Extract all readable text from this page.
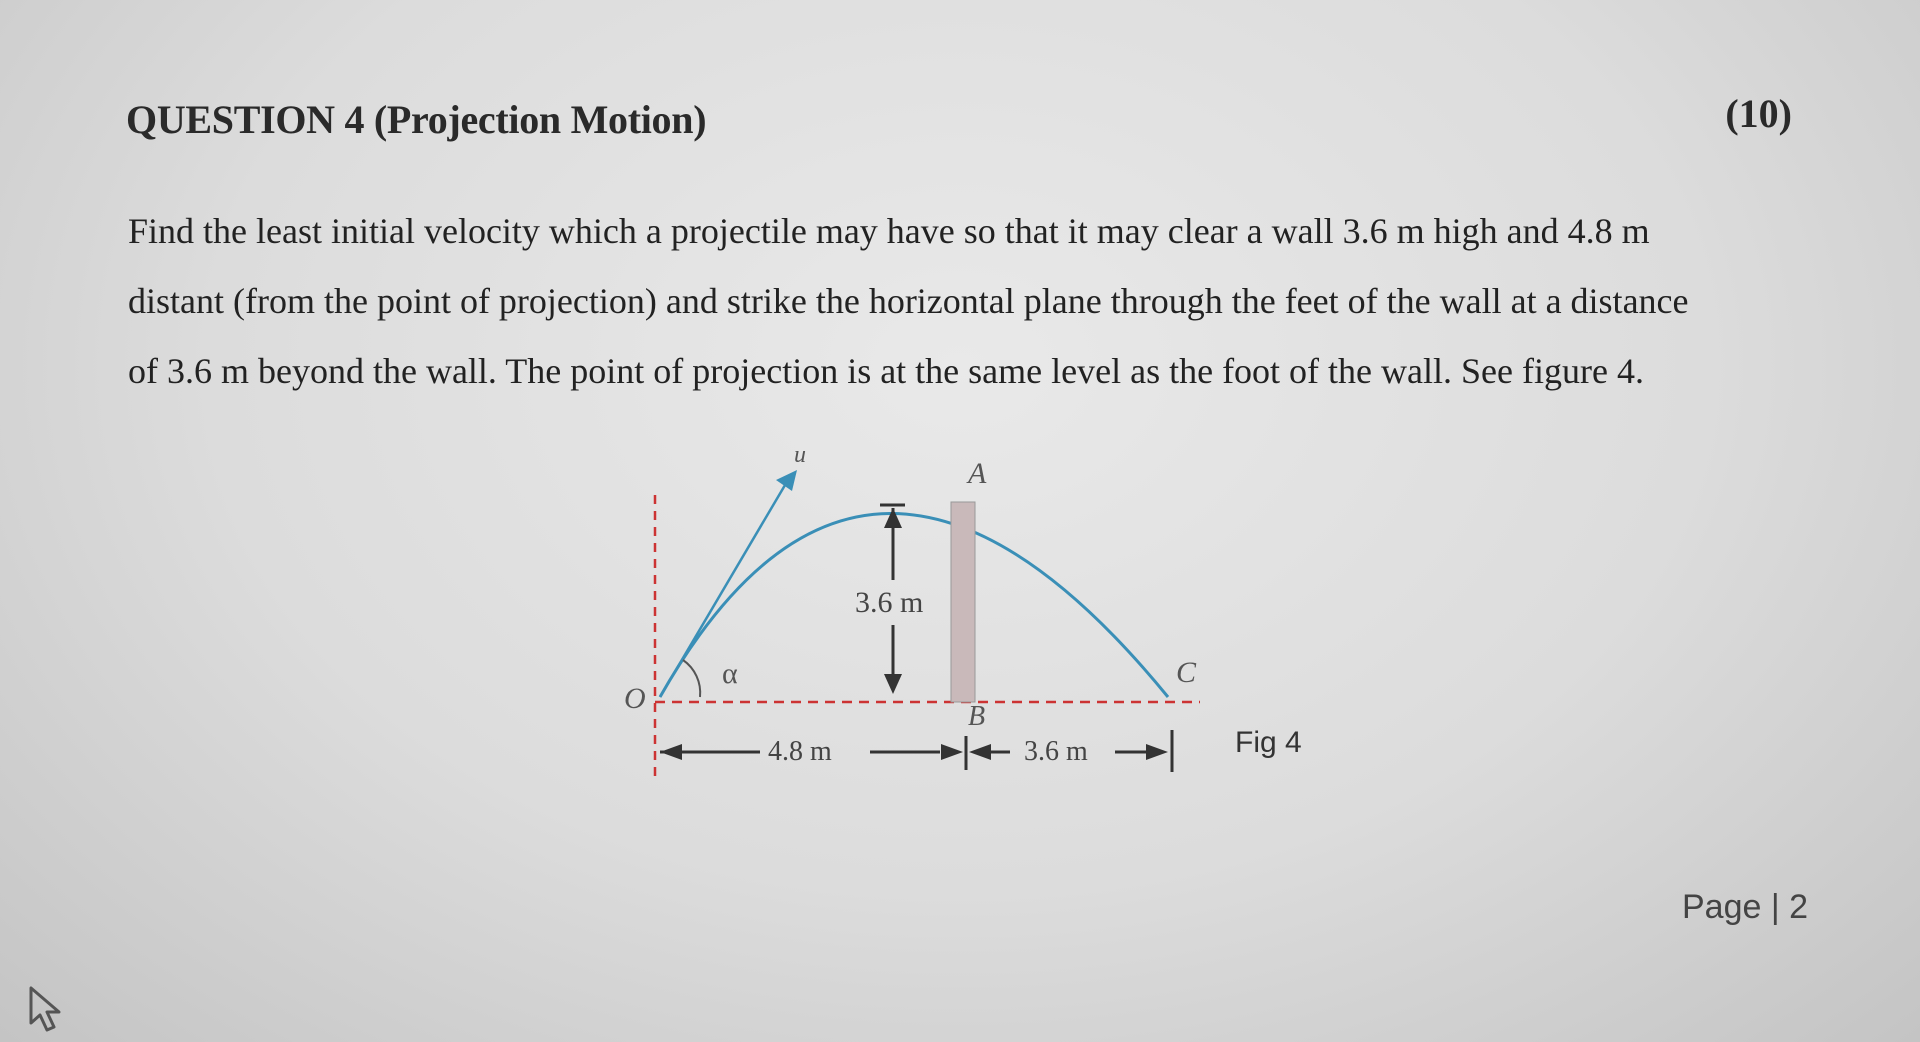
QUESTION 4 (Projection Motion)	(10)

Find the least initial velocity which a projectile may have so that it may clear a wall 3.6 m high and 4.8 m

distant (from the point of projection) and strike the horizontal plane through the feet of the wall at a distance

of 3.6 m beyond the wall. The point of projection is at the same level as the foot of the wall. See figure 4.

u
A
α
O
B
C
3.6 m
4.8 m	3.6 m	Fig 4
Page | 2
